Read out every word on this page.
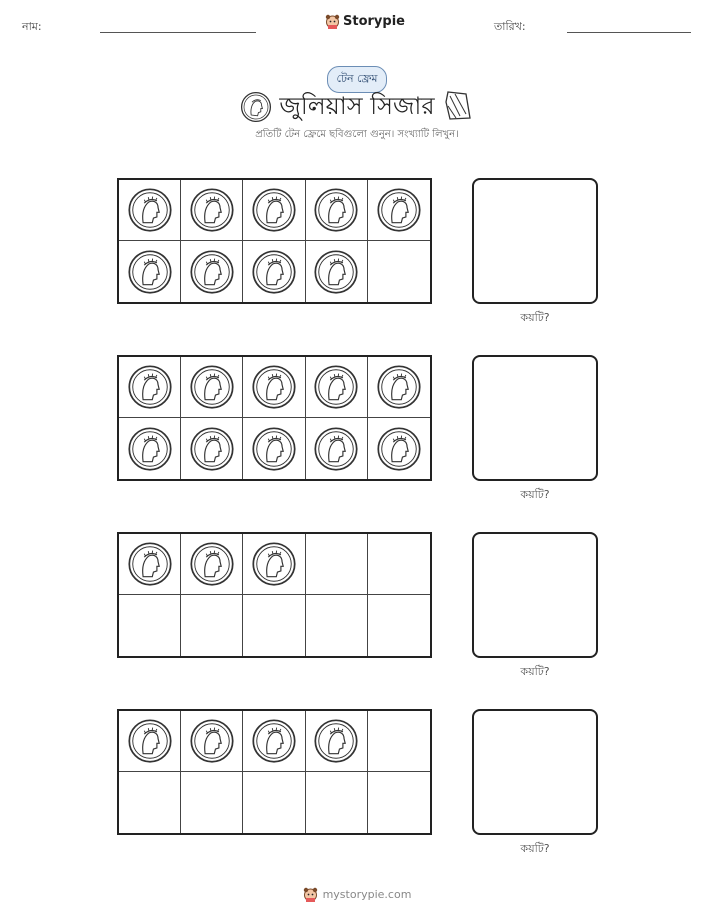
নাম:	Storypie	তারিখ:
টেন ফ্রেম
জুলিয়াস সিজার
প্রতিটি টেন ফ্রেমে ছবিগুলো গুনুন। সংখ্যাটি লিখুন।
কয়টি?
কয়টি?
কয়টি?
কয়টি?
mystorypie.com
